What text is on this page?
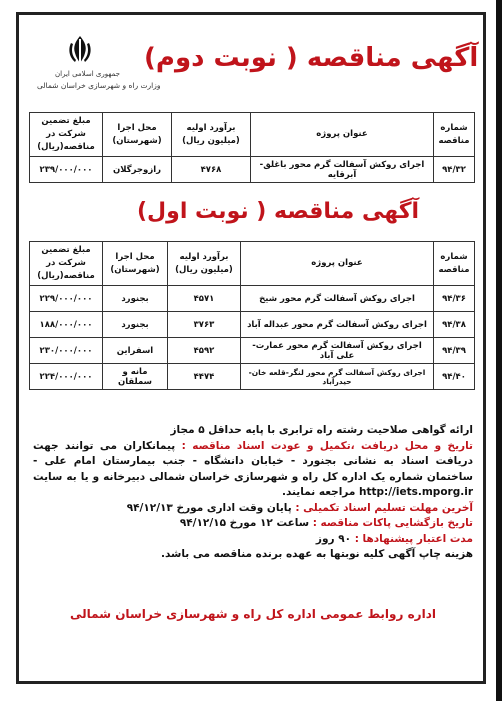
جمهوری اسلامی ایران
وزارت راه و شهرسازی خراسان شمالی
آگهی مناقصه ( نوبت دوم)
شماره مناقصه	عنوان پروژه	برآورد اولیه (میلیون ریال)	محل اجرا (شهرستان)	مبلغ تضمین شرکت در مناقصه(ریال)
۹۴/۳۲	اجرای روکش آسفالت گرم محور باغلق-آبرقایه	۴۷۶۸	رازوجرگلان	۲۳۹/۰۰۰/۰۰۰
آگهی مناقصه ( نوبت اول)
شماره مناقصه	عنوان پروژه	برآورد اولیه (میلیون ریال)	محل اجرا (شهرستان)	مبلغ تضمین شرکت در مناقصه(ریال)
۹۴/۳۶	اجرای روکش آسفالت گرم محور شیخ	۴۵۷۱	بجنورد	۲۲۹/۰۰۰/۰۰۰
۹۴/۳۸	اجرای روکش آسفالت گرم محور عبداله آباد	۳۷۶۳	بجنورد	۱۸۸/۰۰۰/۰۰۰
۹۴/۳۹	اجرای روکش آسفالت گرم محور عمارت-علی آباد	۴۵۹۲	اسفراین	۲۳۰/۰۰۰/۰۰۰
۹۴/۴۰	اجرای روکش آسفالت گرم محور لنگر-قلعه خان-حیدرآباد	۴۴۷۴	مانه و سملقان	۲۲۴/۰۰۰/۰۰۰
ارائه گواهی صلاحیت رشته راه ترابری با پایه حداقل ۵ مجاز
تاریخ و محل دریافت ،تکمیل و عودت اسناد مناقصه : پیمانکاران می توانند جهت دریافت اسناد به نشانی بجنورد - خیابان دانشگاه - جنب بیمارستان امام علی - ساختمان شماره یک اداره کل راه و شهرسازی خراسان شمالی دبیرخانه و یا به سایت http://iets.mporg.ir مراجعه نمایند.
آخرین مهلت تسلیم اسناد تکمیلی : پایان وقت اداری مورخ ۹۴/۱۲/۱۳
تاریخ بازگشایی پاکات مناقصه : ساعت ۱۲ مورخ ۹۴/۱۲/۱۵
مدت اعتبار پیشنهادها : ۹۰ روز
هزینه چاپ آگهی کلیه نوبتها به عهده برنده مناقصه می باشد.
اداره روابط عمومی اداره کل راه و شهرسازی خراسان شمالی
